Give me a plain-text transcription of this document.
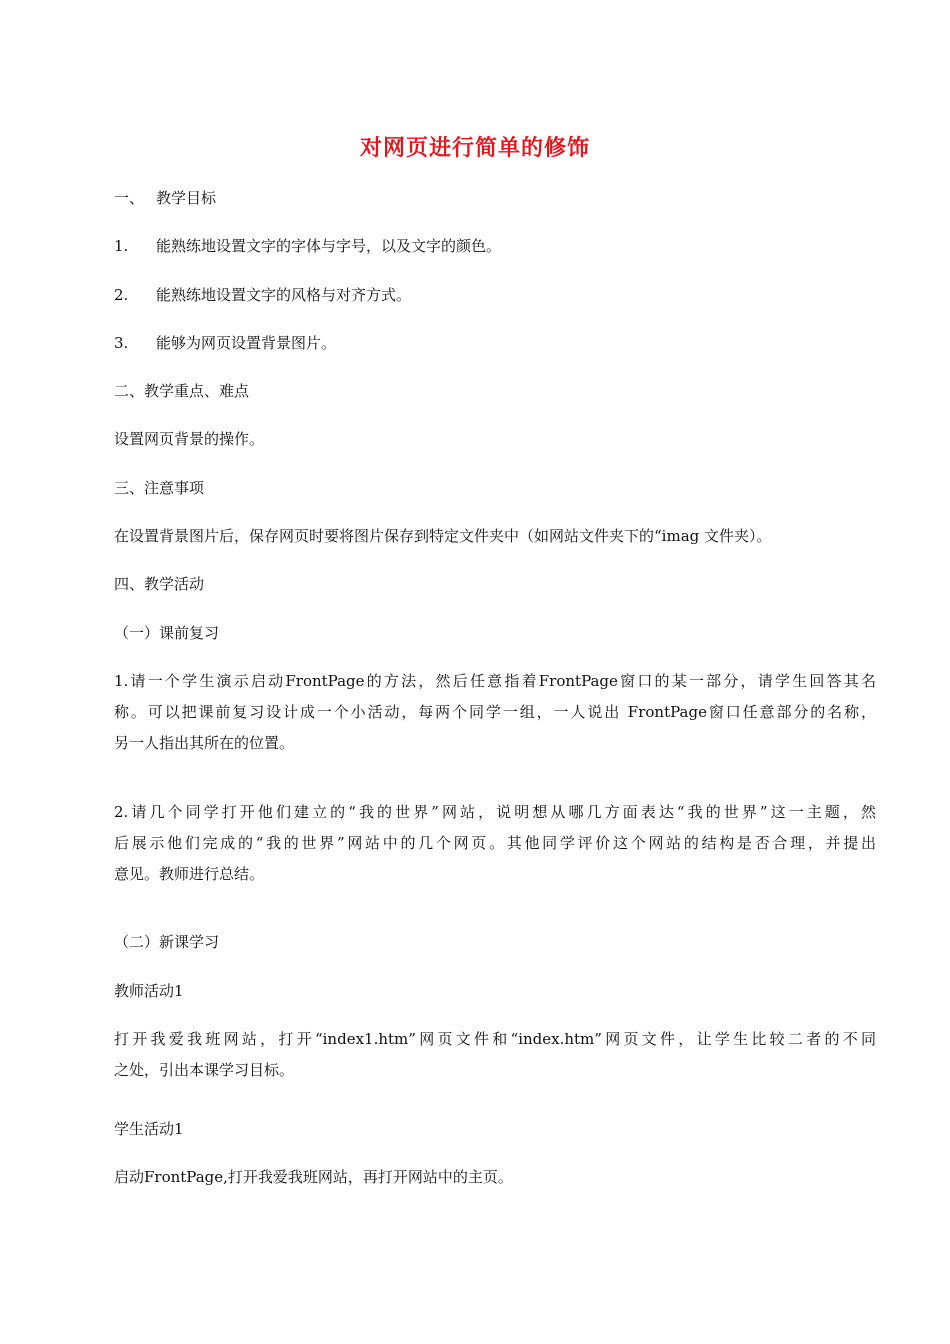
对网页进行简单的修饰
一、 教学目标
1. 能熟练地设置文字的字体与字号，以及文字的颜色。
2. 能熟练地设置文字的风格与对齐方式。
3. 能够为网页设置背景图片。
二、教学重点、难点
设置网页背景的操作。
三、注意事项
在设置背景图片后，保存网页时要将图片保存到特定文件夹中（如网站文件夹下的“imag 文件夹）。
四、教学活动
（一）课前复习
1.请一个学生演示启动FrontPage的方法，然后任意指着FrontPage窗口的某一部分，请学生回答其名
称。可以把课前复习设计成一个小活动，每两个同学一组，一人说出 FrontPage窗口任意部分的名称，
另一人指出其所在的位置。
2.请几个同学打开他们建立的“我的世界”网站，说明想从哪几方面表达“我的世界”这一主题，然
后展示他们完成的“我的世界”网站中的几个网页。其他同学评价这个网站的结构是否合理，并提出
意见。教师进行总结。
（二）新课学习
教师活动1
打开我爱我班网站，打开“index1.htm”网页文件和“index.htm”网页文件，让学生比较二者的不同
之处，引出本课学习目标。
学生活动1
启动FrontPage,打开我爱我班网站，再打开网站中的主页。
